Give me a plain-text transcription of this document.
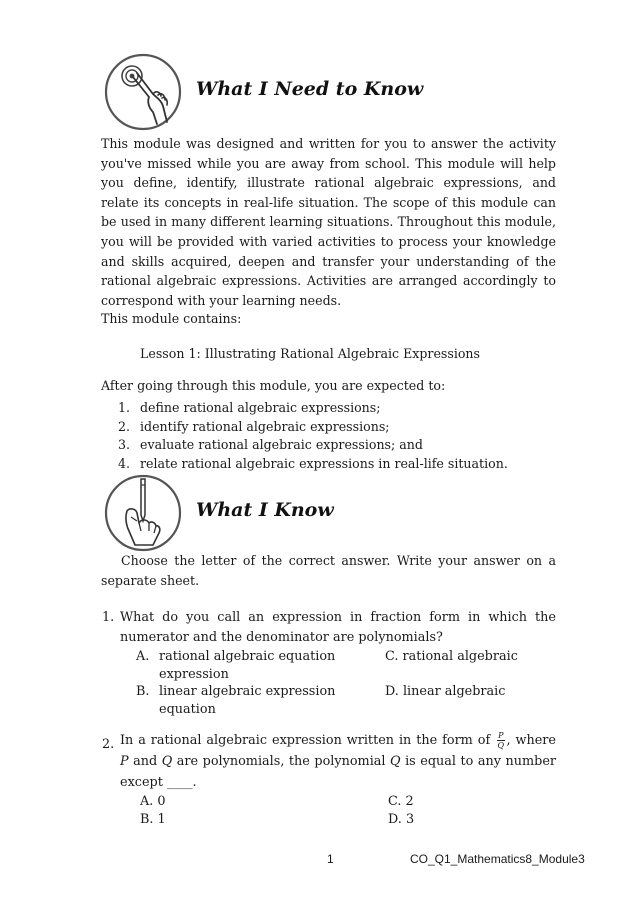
What I Need to Know

This module was designed and written for you to answer the activity you've missed while you are away from school. This module will help you define, identify, illustrate rational algebraic expressions, and relate its concepts in real-life situation. The scope of this module can be used in many different learning situations. Throughout this module, you will be provided with varied activities to process your knowledge and skills acquired, deepen and transfer your understanding of the rational algebraic expressions. Activities are arranged accordingly to correspond with your learning needs.

This module contains:

Lesson 1: Illustrating Rational Algebraic Expressions

After going through this module, you are expected to:

1. define rational algebraic expressions;
2. identify rational algebraic expressions;
3. evaluate rational algebraic expressions; and
4. relate rational algebraic expressions in real-life situation.
What I Know

Choose the letter of the correct answer. Write your answer on a separate sheet.

1. What do you call an expression in fraction form in which the numerator and the denominator are polynomials?

A. rational algebraic equation expression

B. linear algebraic expression equation

C. rational algebraic

D. linear algebraic

2. In a rational algebraic expression written in the form of $\frac{P}{Q}$ , where P and Q are polynomials, the polynomial Q is equal to any number except ____.

A. 0

B. 1

C. 2

D. 3

1	CO_Q1_Mathematics8_Module3
